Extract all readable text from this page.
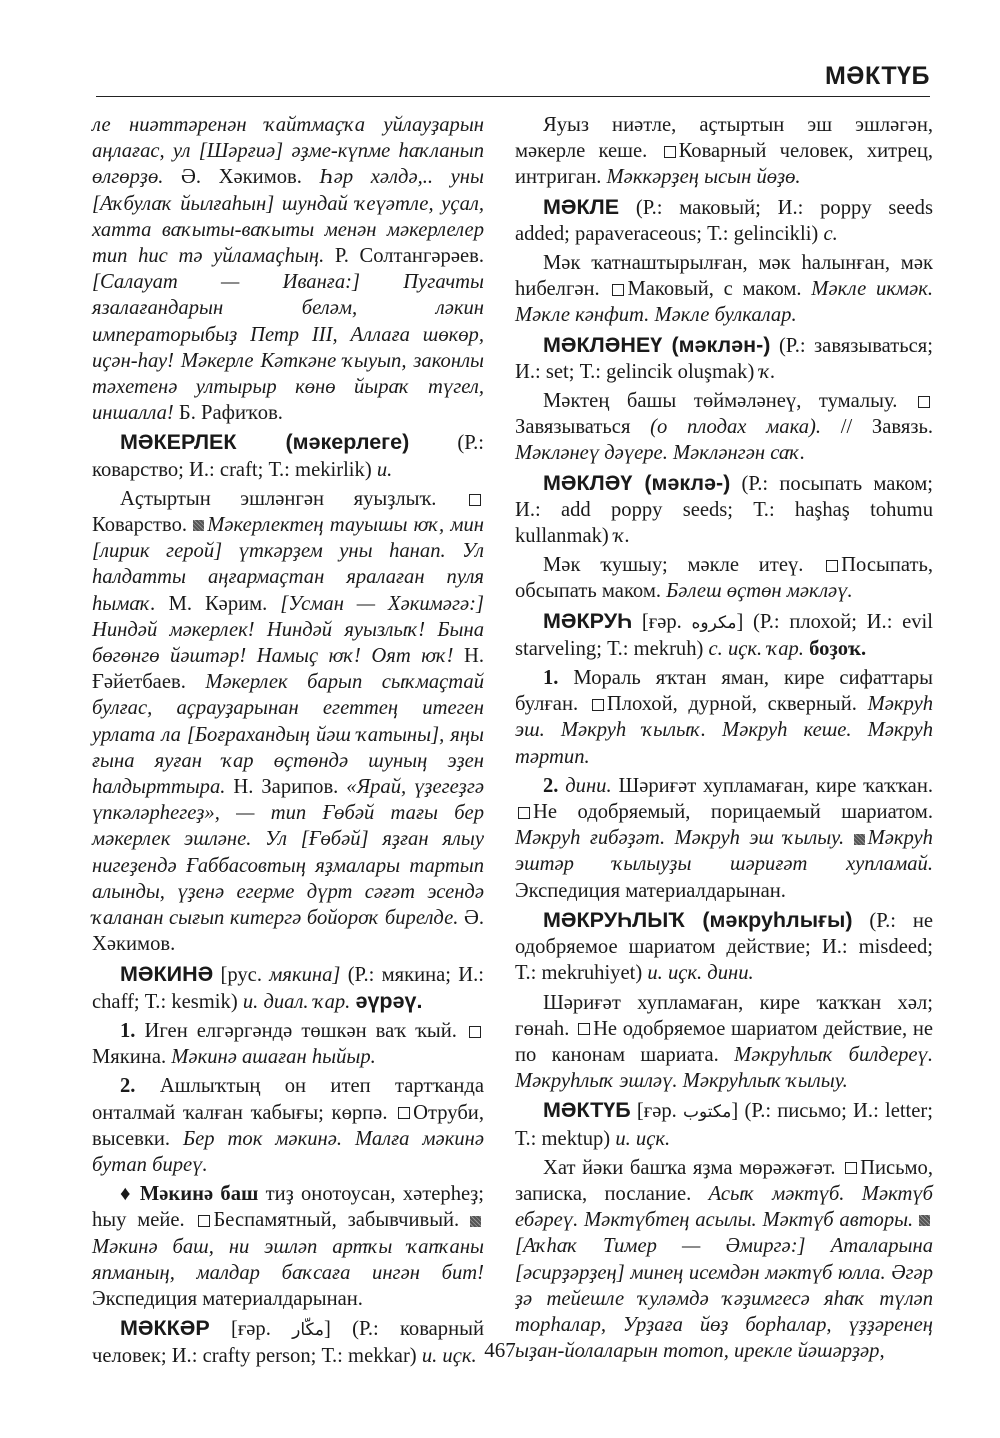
МӘКТҮБ

ле ниәттәренән ҡайтмаҫҡа уйлауҙарын аңлағас, ул [Шәрғиә] әҙме-күпме һаҡланып өлгөрҙө. Ә. Хәкимов. Һәр хәлдә,.. уны [Аҡбулаҡ йылғаһын] шундай ҡеүәтле, уҫал, хатта ваҡыты-ваҡыты менән мәкерлелер тип һис тә уйламаҫһың. Р. Солтангәрәев. [Салауат — Иванға:] Пугачты язалағандарын беләм, ләкин императорыбыҙ Петр III, Аллаға шөкөр, иҫән-һау! Мәкерле Кәткәне ҡыуып, законлы тәхетенә ултырыр көнө йыраҡ түгел, иншалла! Б. Рафиҡов.

МӘКЕРЛЕК (мәкерлеге) (Р.: коварство; И.: craft; Т.: mekirlik) и.

Аҫтыртын эшләнгән яуыҙлыҡ. Коварство. Мәкерлектең тауышы юҡ, мин [лирик герой] үткәрҙем уны һанап. Ул һалдатты аңғармаҫтан яралаған пуля һымаҡ. М. Кәрим. [Усман — Хәкимәгә:] Ниндәй мәкерлек! Ниндәй яуызлыҡ! Бына бөгөнгө йәштәр! Намыҫ юҡ! Оят юҡ! Н. Ғәйетбаев. Мәкерлек барып сыҡмаҫтай булғас, аҫрауҙарынан егеттең итеген урлата ла [Боғрахандың йәш ҡатыны], яңы ғына яуған ҡар өҫтөндә шуның эҙен һалдырттыра. Н. Зарипов. «Ярай, үҙегеҙгә үпкәләрһегеҙ», — тип Ғөбәй тағы бер мәкерлек эшләне. Ул [Ғөбәй] яҙған ялыу нигеҙендә Ғаббасовтың яҙмалары тартып алынды, үҙенә егерме дүрт сәғәт эсендә ҡаланан сығып китергә бойороҡ бирелде. Ә. Хәкимов.

МӘКИНӘ [рус. мякина] (Р.: мякина; И.: chaff; Т.: kesmik) и. диал. ҡар. әүрәү.

1. Иген елгәргәндә төшкән ваҡ ҡый. Мякина. Мәкинә ашаған һыйыр.

2. Ашлыҡтың он итеп тартҡанда онталмай ҡалған ҡабығы; көрпә. Отруби, высевки. Бер ток мәкинә. Малға мәкинә бутап биреү.

♦ Мәкинә баш тиҙ онотоусан, хәтерһеҙ; һыу мейе. Беспамятный, забывчивый. Мәкинә баш, ни эшләп артҡы ҡапҡаны япманың, малдар баҡсаға ингән бит! Экспедиция материалдарынан.

МӘККӘР [ғәр. مكّار] (Р.: коварный человек; И.: crafty person; Т.: mekkar) и. иҫк.

Яуыз ниәтле, аҫтыртын эш эшләгән, мәкерле кеше. Коварный человек, хитрец, интриган. Мәккәрҙең ысын йөҙө.

МӘКЛЕ (Р.: маковый; И.: poppy seeds added; papaveraceous; Т.: gelincikli) с.

Мәк ҡатнаштырылған, мәк һалынған, мәк һибелгән. Маковый, с маком. Мәкле икмәк. Мәкле кәнфит. Мәкле булкалар.

МӘКЛӘНЕҮ (мәклән-) (Р.: завязываться; И.: set; Т.: gelincik oluşmak) ҡ.

Мәктең башы төймәләнеү, тумалыу. Завязываться (о плодах мака). // Завязь. Мәкләнеү дәүере. Мәкләнгән саҡ.

МӘКЛӘҮ (мәклә-) (Р.: посыпать маком; И.: add poppy seeds; Т.: haşhaş tohumu kullanmak) ҡ.

Мәк ҡушыу; мәкле итеү. Посыпать, обсыпать маком. Бәлеш өҫтөн мәкләү.

МӘКРУҺ [ғәр. مكروه] (Р.: плохой; И.: evil starveling; Т.: mekruh) с. иҫк. ҡар. боҙоҡ.

1. Мораль яҡтан яман, кире сифаттары булған. Плохой, дурной, скверный. Мәкруһ эш. Мәкруһ ҡылыҡ. Мәкруһ кеше. Мәкруһ тәртип.

2. дини. Шәриғәт хупламаған, кире ҡаҡҡан. Не одобряемый, порицаемый шариатом. Мәкруһ ғибәҙәт. Мәкруһ эш ҡылыу. Мәкруһ эштәр ҡылыуҙы шәриғәт хупламай. Экспедиция материалдарынан.

МӘКРУҺЛЫҠ (мәкруһлығы) (Р.: не одобряемое шариатом действие; И.: misdeed; Т.: mekruhiyet) и. иҫк. дини.

Шәриғәт хупламаған, кире ҡаҡҡан хәл; гөнаһ. Не одобряемое шариатом действие, не по канонам шариата. Мәкруһлыҡ билдереү. Мәкруһлыҡ эшләү. Мәкруһлыҡ ҡылыу.

МӘКТҮБ [ғәр. مكتوب] (Р.: письмо; И.: letter; Т.: mektup) и. иҫк.

Хат йәки башҡа яҙма мөрәжәғәт. Письмо, записка, послание. Асыҡ мәктүб. Мәктүб ебәреү. Мәктүбтең асылы. Мәктүб авторы. [Аҡһаҡ Тимер — Әмиргә:] Аталарына [әсирҙәрҙең] минең исемдән мәктүб юлла. Әгәр ҙә тейешле ҡуләмдә ҡәҙимгесә яһаҡ түләп торһалар, Урҙаға йөҙ борһалар, үҙҙәренең ыҙан-йолаларын тотоп, ирекле йәшәрҙәр,

467
